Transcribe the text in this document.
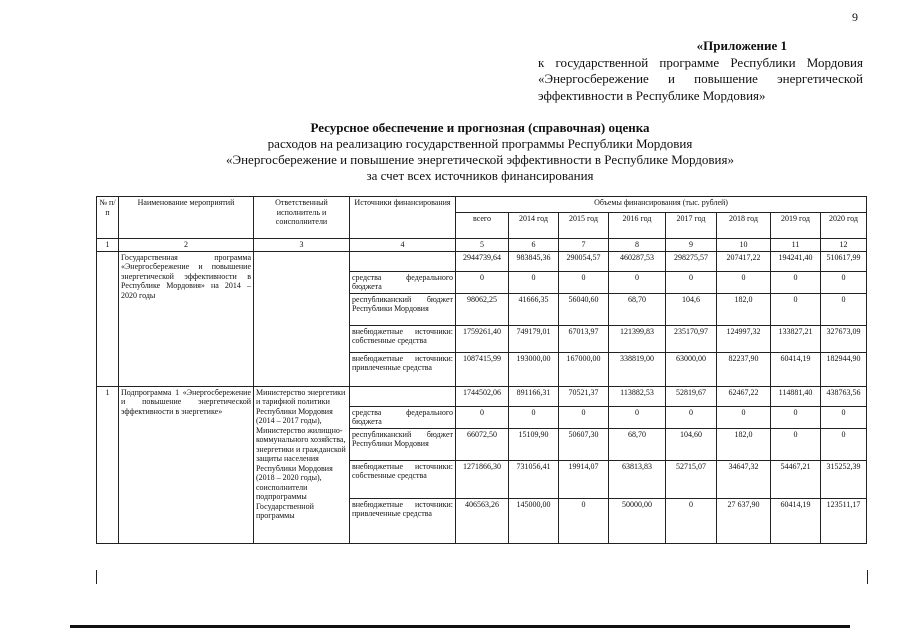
9
«Приложение 1
к государственной программе Республики Мордовия
«Энергосбережение и повышение энергетической
эффективности в Республике Мордовия»
Ресурсное обеспечение и прогнозная (справочная) оценка
расходов на реализацию государственной программы Республики Мордовия
«Энергосбережение и повышение энергетической эффективности в Республике Мордовия»
за счет всех источников финансирования
№ п/п	Наименование мероприятий	Ответственный исполнитель и соисполнители	Источники финансирования	Объемы финансирования (тыс. рублей)							
				всего	2014 год	2015 год	2016 год	2017 год	2018 год	2019 год	2020 год
1	2	3	4	5	6	7	8	9	10	11	12
	Государственная программа «Энергосбережение и повышение энергетической эффективности в Республике Мордовия» на 2014 – 2020 годы			2944739,64	983845,36	290054,57	460287,53	298275,57	207417,22	194241,40	510617,99
			средства федерального бюджета	0	0	0	0	0	0	0	0
			республиканский бюджет Республики Мордовия	98062,25	41666,35	56040,60	68,70	104,6	182,0	0	0
			внебюджетные источники: собственные средства	1759261,40	749179,01	67013,97	121399,83	235170,97	124997,32	133827,21	327673,09
			внебюджетные источники: привлеченные средства	1087415,99	193000,00	167000,00	338819,00	63000,00	82237,90	60414,19	182944,90
1	Подпрограмма 1 «Энергосбережение и повышение энергетической эффективности в энергетике»	Министерство энергетики и тарифной политики Республики Мордовия (2014 – 2017 годы), Министерство жилищно-коммунального хозяйства, энергетики и гражданской защиты населения Республики Мордовия (2018 – 2020 годы), соисполнители подпрограммы Государственной программы		1744502,06	891166,31	70521,37	113882,53	52819,67	62467,22	114881,40	438763,56
			средства федерального бюджета	0	0	0	0	0	0	0	0
			республиканский бюджет Республики Мордовия	66072,50	15109,90	50607,30	68,70	104,60	182,0	0	0
			внебюджетные источники: собственные средства	1271866,30	731056,41	19914,07	63813,83	52715,07	34647,32	54467,21	315252,39
			внебюджетные источники: привлеченные средства	406563,26	145000,00	0	50000,00	0	27 637,90	60414,19	123511,17
